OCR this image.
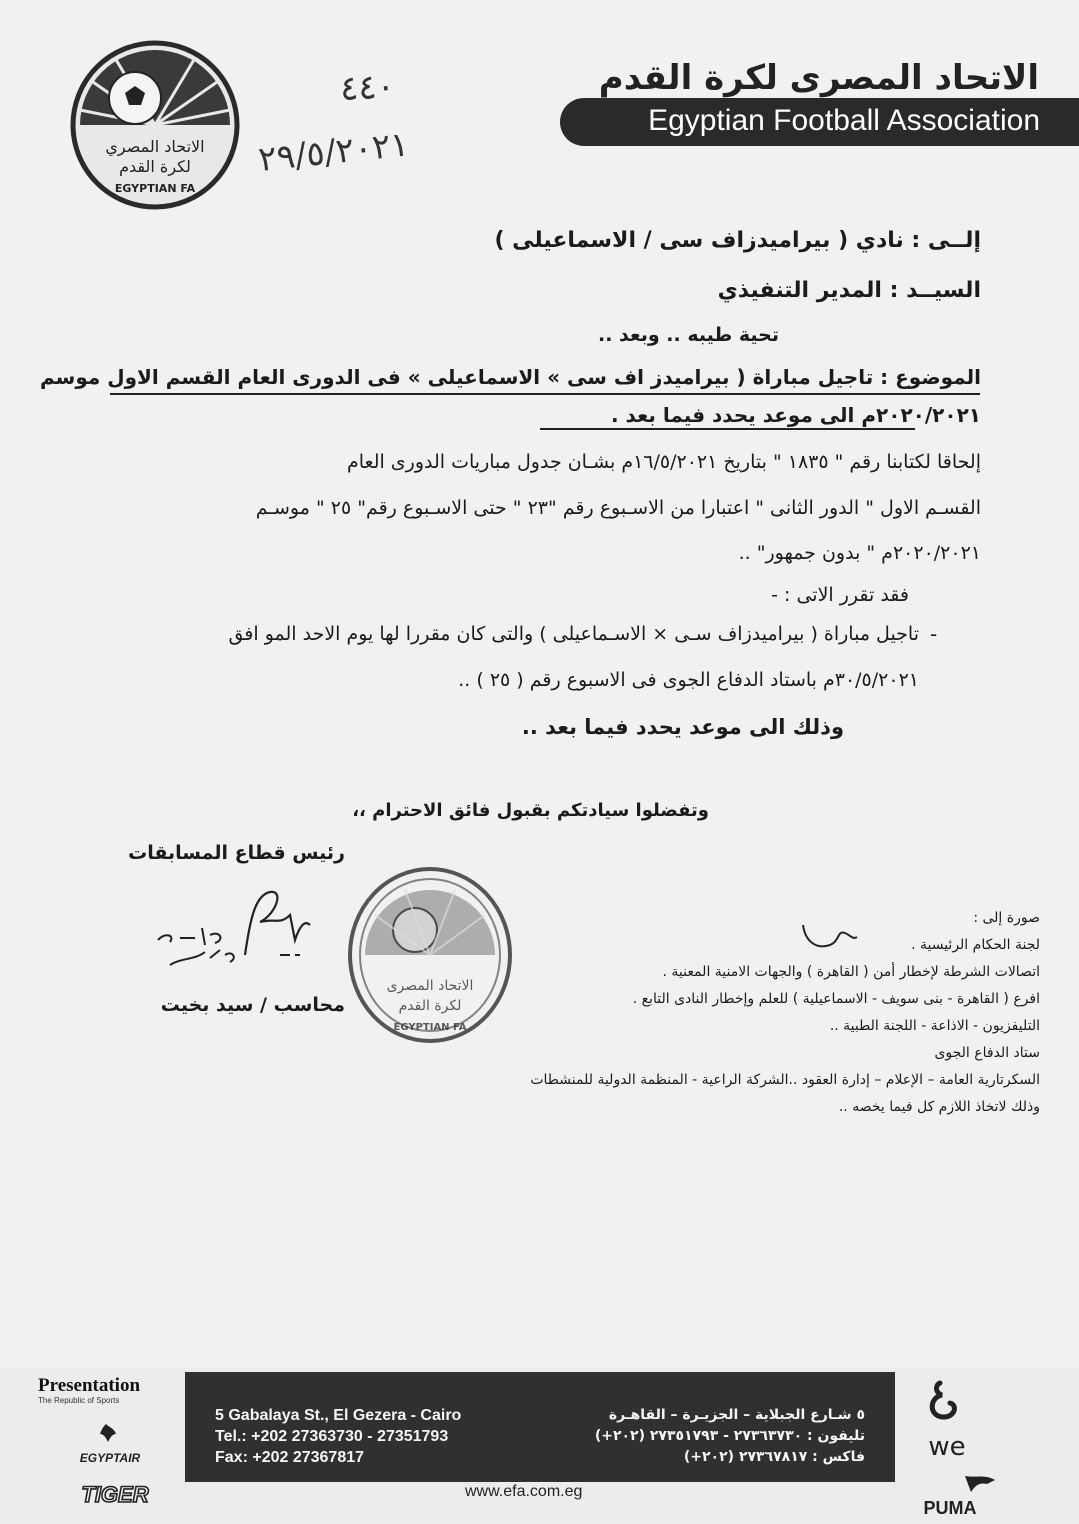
الاتحاد المصري
لكرة القدم
EGYPTIAN FA
٤٤٠
٢٩/٥/٢٠٢١
الاتحاد المصرى لكرة القدم
Egyptian Football Association
إلــى : نادي ( بيراميدزاف سى / الاسماعيلى )
السيــد : المدير التنفيذي
تحية طيبه .. وبعد ..
الموضوع : تاجيل مباراة ( بيراميدز اف سى » الاسماعيلى » فى الدورى العام القسم الاول موسم
٢٠٢٠/٢٠٢١م الى موعد يحدد فيما بعد .
إلحاقا لكتابنا رقم " ١٨٣٥ " بتاريخ ١٦/٥/٢٠٢١م بشـان جدول مباريات الدورى العام
القسـم الاول " الدور الثانى " اعتبارا من الاسـبوع رقم "٢٣ " حتى الاسـبوع رقم" ٢٥ " موسـم
٢٠٢٠/٢٠٢١م " بدون جمهور" ..
فقد تقرر الاتى : -
-
تاجيل مباراة ( بيراميدزاف سـى × الاسـماعيلى ) والتى كان مقررا لها يوم الاحد المو افق
٣٠/٥/٢٠٢١م باستاد الدفاع الجوى فى الاسبوع رقم ( ٢٥ ) ..
وذلك الى موعد يحدد فيما بعد ..
وتفضلوا سيادتكم بقبول فائق الاحترام ،،
رئيس قطاع المسابقات
محاسب / سيد بخيت
الاتحاد المصرى
لكرة القدم
EGYPTIAN FA
صورة إلى :
لجنة الحكام الرئيسية .
اتصالات الشرطة لإخطار أمن ( القاهرة ) والجهات الامنية المعنية .
افرع ( القاهرة - بنى سويف - الاسماعيلية ) للعلم وإخطار النادى التابع .
التليفزيون - الاذاعة - اللجنة الطبية ..
ستاد الدفاع الجوى
السكرتارية العامة – الإعلام – إدارة العقود ..الشركة الراعية - المنظمة الدولية للمنشطات
وذلك لاتخاذ اللازم كل فيما يخصه ..
5 Gabalaya St., El Gezera - Cairo
Tel.: +202 27363730 - 27351793
Fax: +202 27367817
٥ شـارع الجبلاية – الجزيـرة – القاهـرة
تليفون : ٢٧٣٦٣٧٣٠ - ٢٧٣٥١٧٩٣ (٢٠٢+)
فاكس : ٢٧٣٦٧٨١٧ (٢٠٢+)
www.efa.com.eg
Presentation
The Republic of Sports
EGYPTAIR
TIGER
we
PUMA
